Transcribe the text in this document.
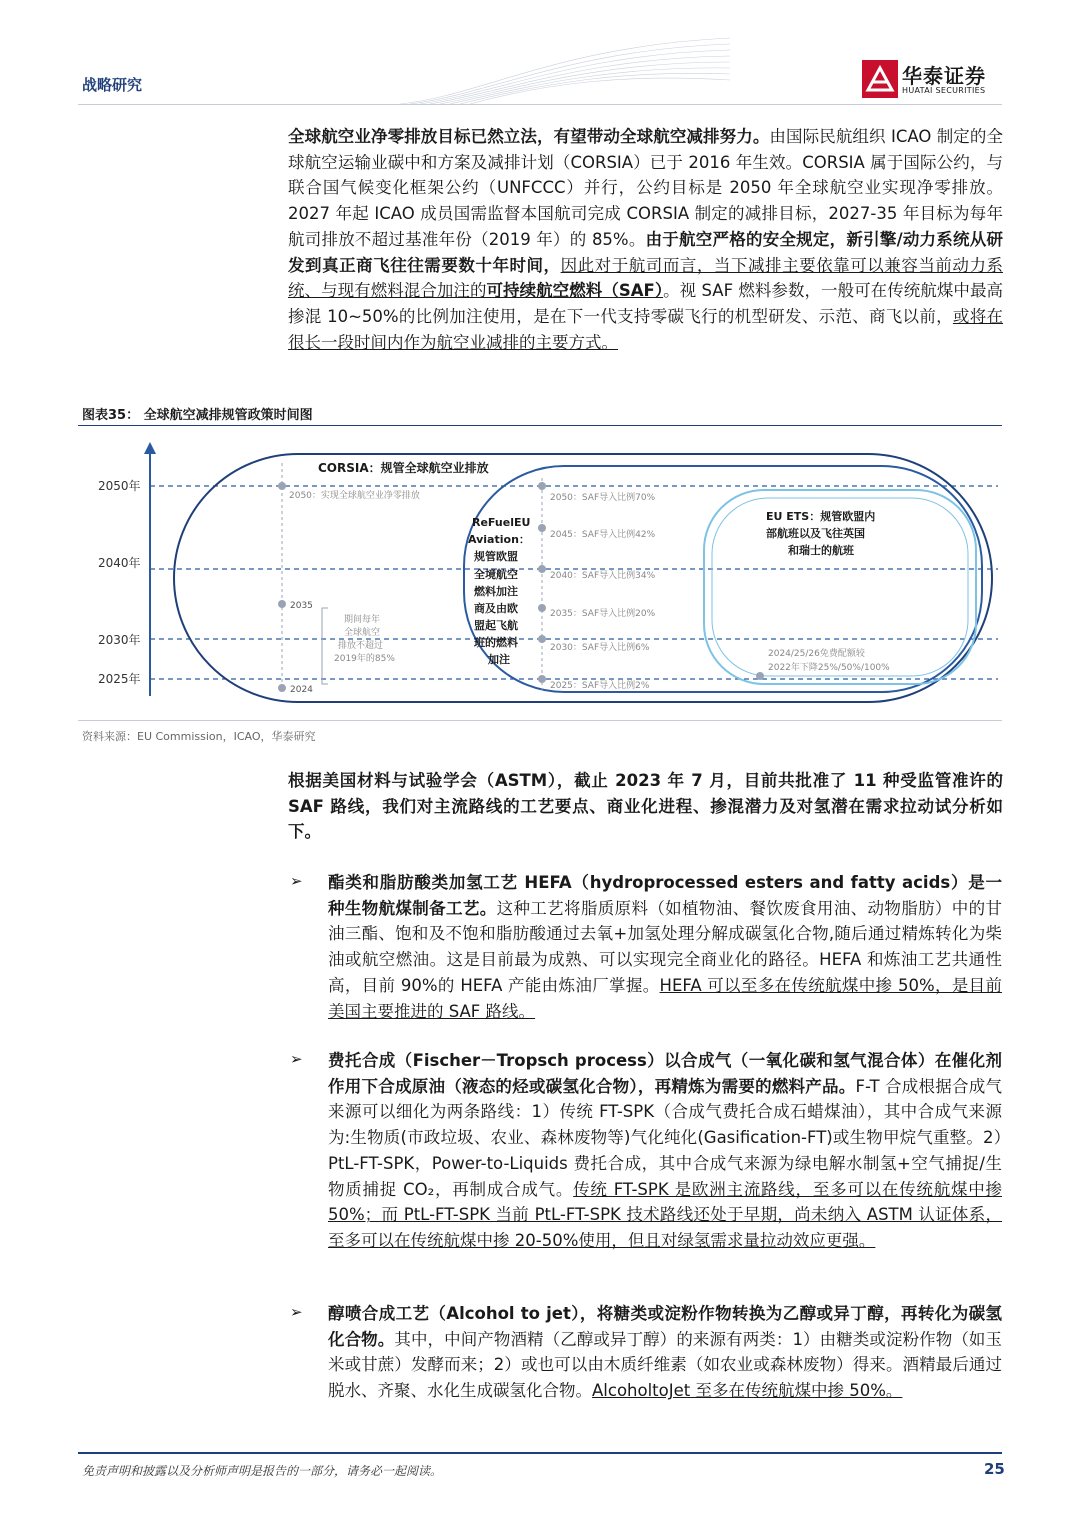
战略研究	华泰证券
HUATAI SECURITIES
全球航空业净零排放目标已然立法，有望带动全球航空减排努力。由国际民航组织 ICAO 制定的全球航空运输业碳中和方案及减排计划（CORSIA）已于 2016 年生效。CORSIA 属于国际公约，与联合国气候变化框架公约（UNFCCC）并行，公约目标是 2050 年全球航空业实现净零排放。2027 年起 ICAO 成员国需监督本国航司完成 CORSIA 制定的减排目标，2027-35 年目标为每年航司排放不超过基准年份（2019 年）的 85%。由于航空严格的安全规定，新引擎/动力系统从研发到真正商飞往往需要数十年时间，因此对于航司而言，当下减排主要依靠可以兼容当前动力系统、与现有燃料混合加注的可持续航空燃料（SAF）。视 SAF 燃料参数，一般可在传统航煤中最高掺混 10~50%的比例加注使用，是在下一代支持零碳飞行的机型研发、示范、商飞以前，或将在很长一段时间内作为航空业减排的主要方式。
图表35： 全球航空减排规管政策时间图
2050年
2040年
2030年
2025年
CORSIA：规管全球航空业排放
2050：实现全球航空业净零排放
2035
2024
期间每年
全球航空
排放不超过
2019年的85%
ReFuelEU
Aviation：
规管欧盟
全境航空
燃料加注
商及由欧
盟起飞航
班的燃料
加注
2050：SAF导入比例70%
2045：SAF导入比例42%
2040：SAF导入比例34%
2035：SAF导入比例20%
2030：SAF导入比例6%
2025：SAF导入比例2%
EU ETS：规管欧盟内
部航班以及飞往英国
和瑞士的航班
2024/25/26免费配额较
2022年下降25%/50%/100%
资料来源：EU Commission，ICAO，华泰研究
根据美国材料与试验学会（ASTM），截止 2023 年 7 月，目前共批准了 11 种受监管准许的 SAF 路线，我们对主流路线的工艺要点、商业化进程、掺混潜力及对氢潜在需求拉动试分析如下。
➢ 酯类和脂肪酸类加氢工艺 HEFA（hydroprocessed esters and fatty acids）是一种生物航煤制备工艺。这种工艺将脂质原料（如植物油、餐饮废食用油、动物脂肪）中的甘油三酯、饱和及不饱和脂肪酸通过去氧+加氢处理分解成碳氢化合物,随后通过精炼转化为柴油或航空燃油。这是目前最为成熟、可以实现完全商业化的路径。HEFA 和炼油工艺共通性高，目前 90%的 HEFA 产能由炼油厂掌握。HEFA 可以至多在传统航煤中掺 50%，是目前美国主要推进的 SAF 路线。
➢ 费托合成（Fischer－Tropsch process）以合成气（一氧化碳和氢气混合体）在催化剂作用下合成原油（液态的烃或碳氢化合物），再精炼为需要的燃料产品。F-T 合成根据合成气来源可以细化为两条路线：1）传统 FT-SPK（合成气费托合成石蜡煤油），其中合成气来源为:生物质(市政垃圾、农业、森林废物等)气化纯化(Gasification-FT)或生物甲烷气重整。2）PtL-FT-SPK，Power-to-Liquids 费托合成，其中合成气来源为绿电解水制氢+空气捕捉/生物质捕捉 CO₂，再制成合成气。传统 FT-SPK 是欧洲主流路线，至多可以在传统航煤中掺 50%；而 PtL-FT-SPK 当前 PtL-FT-SPK 技术路线还处于早期，尚未纳入 ASTM 认证体系，至多可以在传统航煤中掺 20-50%使用，但且对绿氢需求量拉动效应更强。
➢ 醇喷合成工艺（Alcohol to jet），将糖类或淀粉作物转换为乙醇或异丁醇，再转化为碳氢化合物。其中，中间产物酒精（乙醇或异丁醇）的来源有两类：1）由糖类或淀粉作物（如玉米或甘蔗）发酵而来；2）或也可以由木质纤维素（如农业或森林废物）得来。酒精最后通过脱水、齐聚、水化生成碳氢化合物。AlcoholtoJet 至多在传统航煤中掺 50%。
免责声明和披露以及分析师声明是报告的一部分，请务必一起阅读。	25
